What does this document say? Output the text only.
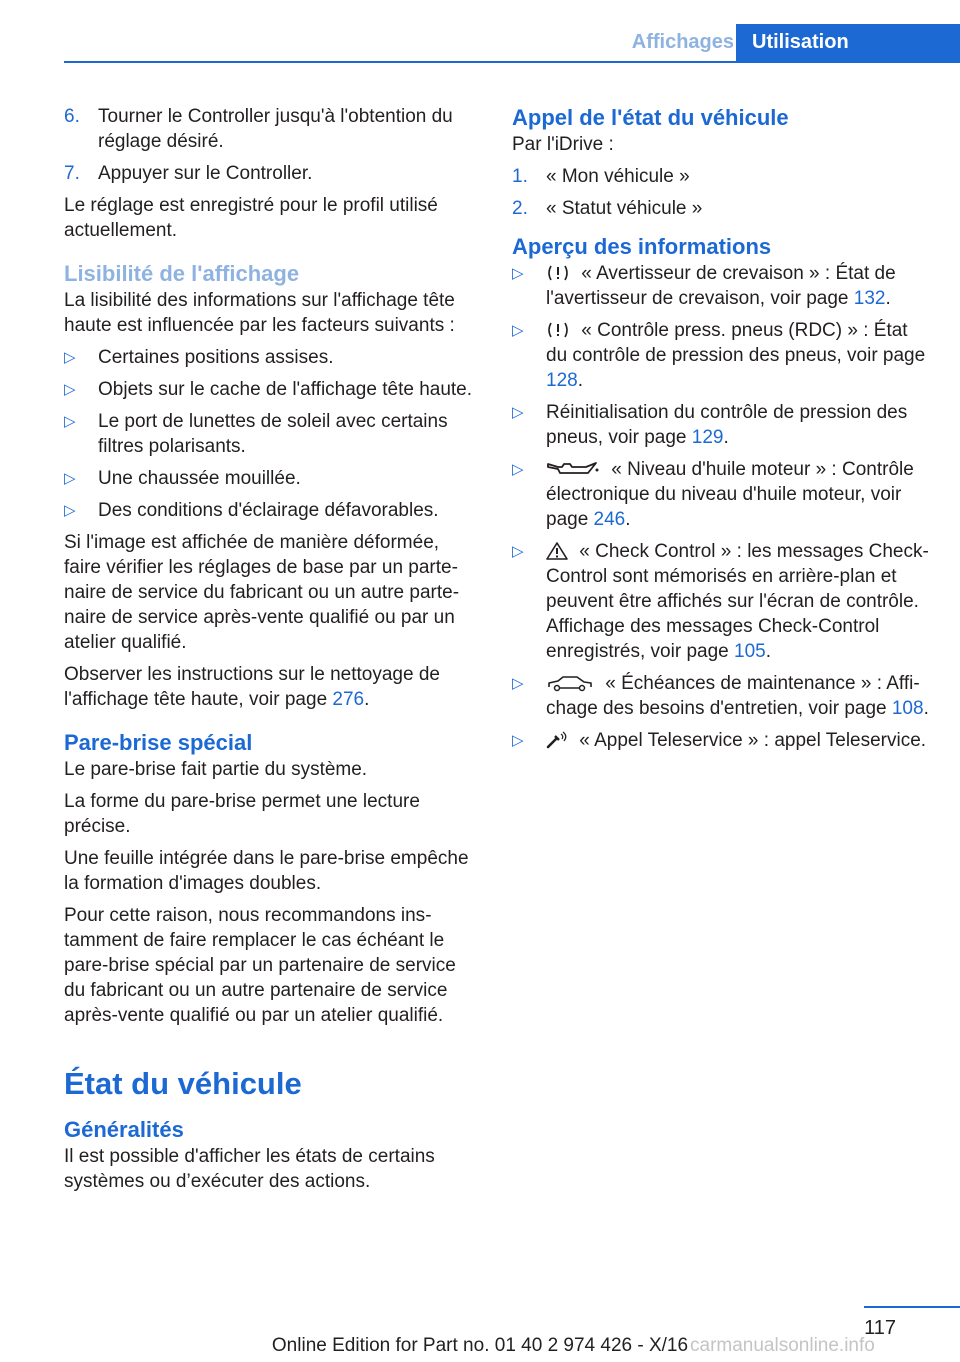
Affichages Utilisation
6. Tourner le Controller jusqu'à l'obtention du réglage désiré.
7. Appuyer sur le Controller.

Le réglage est enregistré pour le profil utilisé actuellement.

Lisibilité de l'affichage

La lisibilité des informations sur l'affichage tête haute est influencée par les facteurs suivants :

▷	Certaines positions assises.
▷	Objets sur le cache de l'affichage tête haute.
▷	Le port de lunettes de soleil avec certains filtres polarisants.
▷	Une chaussée mouillée.
▷	Des conditions d'éclairage défavorables.

Si l'image est affichée de manière déformée, faire vérifier les réglages de base par un partenaire de service du fabricant ou un autre partenaire de service après-vente qualifié ou par un atelier qualifié.

Observer les instructions sur le nettoyage de l'affichage tête haute, voir page 276.

Pare-brise spécial

Le pare-brise fait partie du système.

La forme du pare-brise permet une lecture précise.

Une feuille intégrée dans le pare-brise empêche la formation d'images doubles.

Pour cette raison, nous recommandons instamment de faire remplacer le cas échéant le pare-brise spécial par un partenaire de service du fabricant ou un autre partenaire de service après-vente qualifié ou par un atelier qualifié.

État du véhicule
Généralités

Il est possible d'afficher les états de certains systèmes ou d’exécuter des actions.

Appel de l'état du véhicule

Par l'iDrive :

1. « Mon véhicule »
2. « Statut véhicule »
Aperçu des informations
▷	« Avertisseur de crevaison » : État de l'avertisseur de crevaison, voir page 132.
▷	« Contrôle press. pneus (RDC) » : État du contrôle de pression des pneus, voir page 128.
▷	Réinitialisation du contrôle de pression des pneus, voir page 129.
▷	« Niveau d'huile moteur » : Contrôle électronique du niveau d'huile moteur, voir page 246.
▷	« Check Control » : les messages Check-Control sont mémorisés en arrière-plan et peuvent être affichés sur l'écran de contrôle. Affichage des messages Check-Control enregistrés, voir page 105.
▷	« Échéances de maintenance » : Affichage des besoins d'entretien, voir page 108.
▷	« Appel Teleservice » : appel Teleservice.
117
Online Edition for Part no. 01 40 2 974 426 - X/16 carmanualsonline.info
